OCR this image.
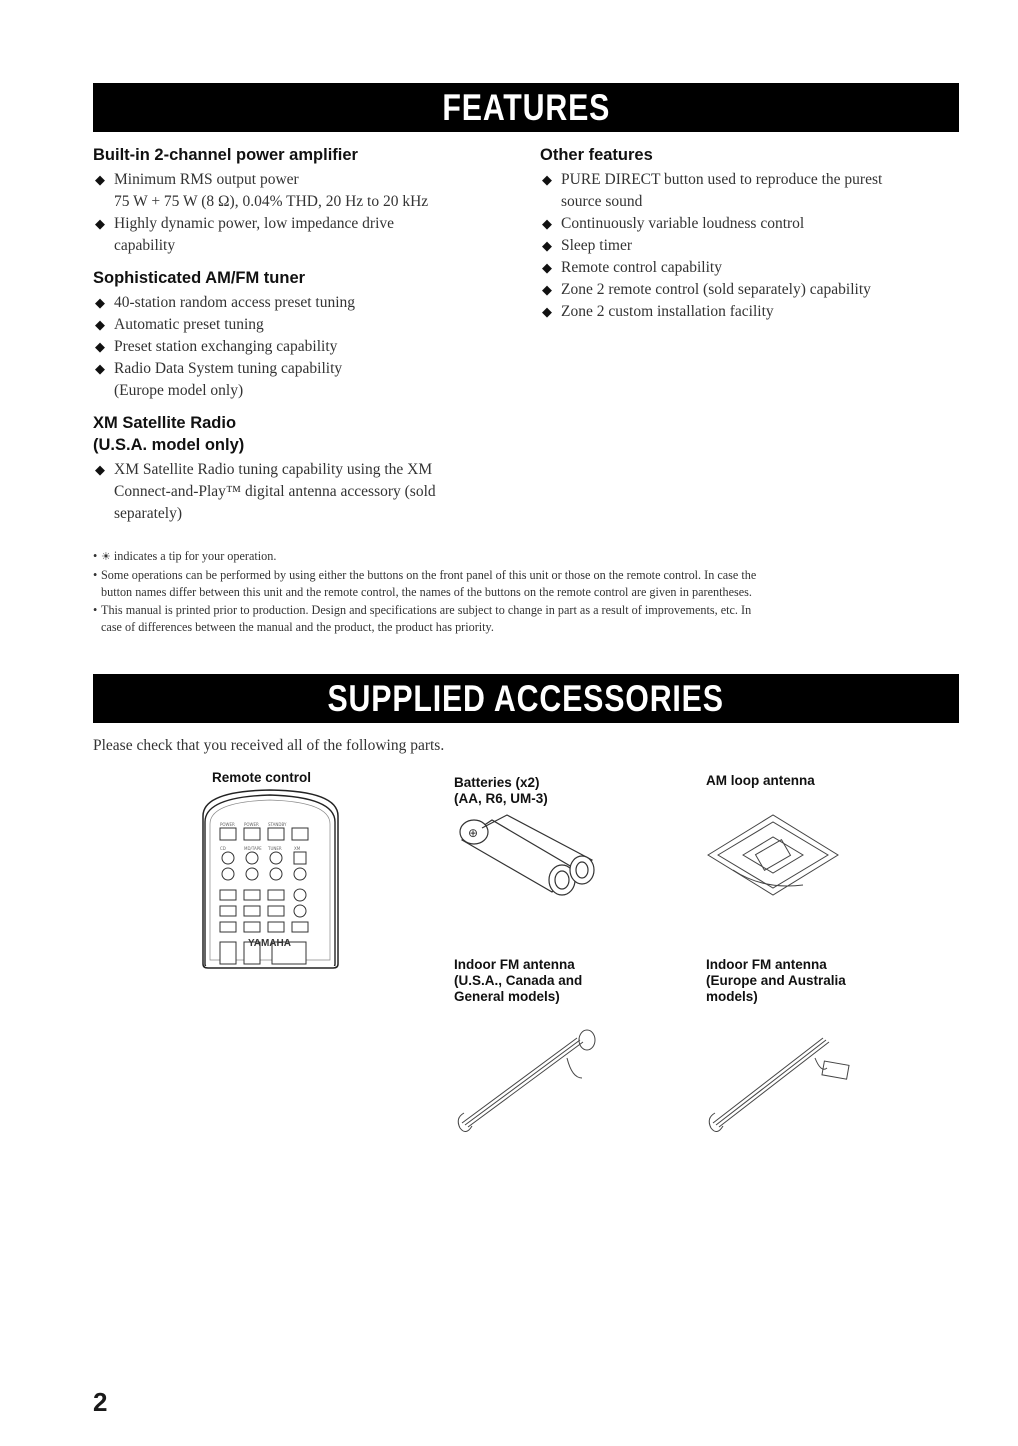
FEATURES
Built-in 2-channel power amplifier
◆ Minimum RMS output power
75 W + 75 W (8 Ω), 0.04% THD, 20 Hz to 20 kHz
◆ Highly dynamic power, low impedance drive
capability
Sophisticated AM/FM tuner
◆ 40-station random access preset tuning
◆ Automatic preset tuning
◆ Preset station exchanging capability
◆ Radio Data System tuning capability
(Europe model only)
XM Satellite Radio
(U.S.A. model only)
◆ XM Satellite Radio tuning capability using the XM
Connect-and-Play™ digital antenna accessory (sold
separately)
Other features
◆ PURE DIRECT button used to reproduce the purest
source sound
◆ Continuously variable loudness control
◆ Sleep timer
◆ Remote control capability
◆ Zone 2 remote control (sold separately) capability
◆ Zone 2 custom installation facility
• ☀ indicates a tip for your operation.
• Some operations can be performed by using either the buttons on the front panel of this unit or those on the remote control. In case the
button names differ between this unit and the remote control, the names of the buttons on the remote control are given in parentheses.
• This manual is printed prior to production. Design and specifications are subject to change in part as a result of improvements, etc. In
case of differences between the manual and the product, the product has priority.
SUPPLIED ACCESSORIES
Please check that you received all of the following parts.
Remote control	Batteries (x2)
(AA, R6, UM-3)
AM loop antenna
Indoor FM antenna
(U.S.A., Canada and
General models)
Indoor FM antenna
(Europe and Australia
models)
POWER POWER STANDBY
CD	MD/TAPE TUNER	XM
⊕
YAMAHA
2
